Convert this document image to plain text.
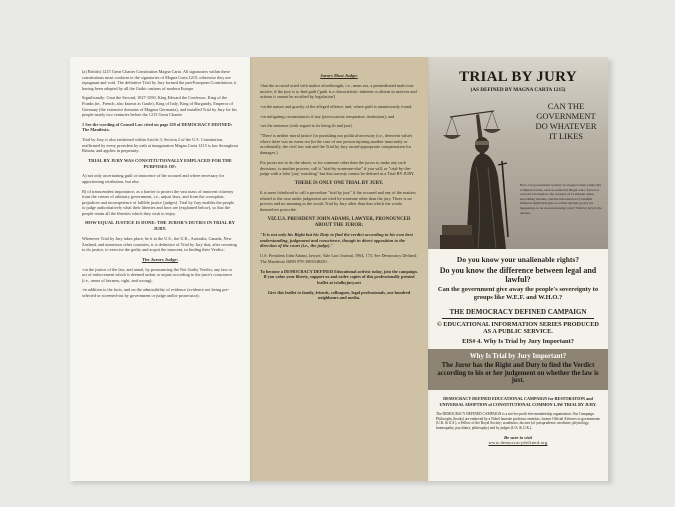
(a) British) 1215 Great Charter Constitution Magna Carta. All signatories within these constitutions must conform to the signatories of Magna Carta 1215, otherwise they are repugnant and void. The definitive Trial by Jury formed the pan-European Constitution, it having been adopted by all the Gothic nations of modern Europe.

Significantly: Cnut the Second, 1027-1050, King Edward the Confessor, King of the Franks (ie., French, also known as Gaule), King of Italy, King of Burgundy, Emperor of Germany (the extensive domains of Magnus Germania), and installed Trial by Jury for his people nearly two centuries before the 1215 Great Charter.

1 See the wording of Conseil Law cited on page 259 of DEMOCRACY DEFINED: The Manifesto.

Trial by Jury is also enshrined within Article 3, Section 2 of the U.S. Constitution, reaffirmed by every president by oath at inauguration Magna Carta 1215 is law throughout Britain, and applies in perpetuity.

TRIAL BY JURY WAS CONSTITUTIONALLY EMPLACED FOR THE PURPOSES OF:

A) not only ascertaining guilt or innocence of the accused and where necessary for apportioning retribution, but also

B) of transcendent importance, as a barrier to protect the vast mass of innocent citizenry from the crimes of arbitrary government, i.e., unjust laws, and from the corruption, prejudices and incompetence of fallible justice (judges). Trial by Jury enables the people to judge authoritatively what their liberties and laws are (explained below), so that the people retain all the liberties which they wish to enjoy.

HOW EQUAL JUSTICE IS DONE: THE JUROR'S DUTIES IN TRIAL BY JURY.

Whenever Trial by Jury takes place, be it in the U.S., the U.K., Australia, Canada, New Zealand, and numerous other countries, it is definitive of Trial by Jury that, after swearing to do justice, to exercise the guilty and acquit the innocent, in finding their Verdict:

The Jurors Judge:

-on the justice of the law, and annul, by pronouncing the Not Guilty Verdict, any law or act of enforcement which is deemed unfair or unjust according to the juror's conscience (i.e., sense of fairness, right, and wrong);

-in addition to the facts, and on the admissibility of evidence (evidence not being pre-selected or screened-out by government or judge and/or prosecutor);

Jurors Must Judge:

-that the accused acted with malice aforethought, i.e., mens rea, a premeditated malicious motive, if the jury is to find guilt ('guilt is a characteristic inherent or absent in motives and actions it cannot be ascribed by legislation')

-on the nature and gravity of the alleged offence; and, where guilt is unanimously found,

-on mitigating circumstances if any (provocation; temptation; institution); and

-set the sentence (with regard to its being fit and just).

"There is neither moral justice for punishing our political necessity (i.e., deterrent value) where there was no mens rea (in the case of one person injuring another innocently or accidentally, the civil law suit and the Trial by Jury award appropriate compensation for damages.)

For jurors not to do the above, or for someone other than the jurors to make any such decisions, is another process: call it "trial-by-someone-else" if you will, or "trial-by-the-judge with a false 'jury' watching" but this travesty cannot be defined as a Trial BY JURY.

THERE IS ONLY ONE TRIAL BY JURY.

It is mere falsehood to call a procedure "trial by jury" if the accused and any of the matters related to the case under judgement are tried by someone other than the jury. There is no process and no meaning to the words Trial by Jury other than that which the words themselves prescribe.

VIZ.U.S. PRESIDENT JOHN ADAMS, LAWYER, PRONOUNCED ABOUT THE JUROR:

"It is not only his Right but his Duty to find the verdict according to his own best understanding, judgement and conscience, though in direct opposition to the direction of the court (i.e., the judge)."

U.S. President John Adams, lawyer, Yale Law Journal, 1964, 173. See Democracy Defined: The Manifesto ISBN 978-1903548250.

To become a DEMOCRACY DEFINED Educational activist today, join the campaign. If you value your liberty, support us and order copies of this professionally printed leaflet at trialbyjury.net

Give this leaflet to family, friends, colleagues, legal professionals, one hundred neighbours and media.

TRIAL BY JURY
(AS DEFINED BY MAGNA CARTA 1215)
CAN THE
GOVERNMENT
DO WHATEVER
IT LIKES
How can government tyranny be stopped when politically criminal actions, such as unlawful illegal wars, forced or coerced vaccination, the creation of 15-minute cities, surveilling citizens, and the introduction of harmful immoral legislation (the so-called 'greater good') are happening on an ever-increasing scale? Trial by jury is the answer.
Do you know your unalienable rights?
Do you know the difference between legal and lawful?
Can the government give away the people's sovereignty to groups like W.E.F. and W.H.O.?
THE DEMOCRACY DEFINED CAMPAIGN
© EDUCATIONAL INFORMATION SERIES PRODUCED AS A PUBLIC SERVICE.
EIS# 4. Why Is Trial by Jury Important?
Why Is Trial by Jury Important?
The Juror has the Right and Duty to find the Verdict according to his or her judgement on whether the law is just.

DEMOCRACY DEFINED EDUCATIONAL CAMPAIGN for RESTORATION and UNIVERSAL ADOPTION of CONSTITUTIONAL COMMON LAW TRIAL BY JURY.

The DEMOCRACY DEFINED CAMPAIGN is a not-for-profit free membership organisation. Our Campaign Philosophy (books) are endorsed by a Nobel laureate professor emeritus, former Official Advisers to governments (U.K. & U.S.), a Fellow of the Royal Society; academics, doctors (of jurisprudence, medicine, physiology, homeopathy, psychiatry, philosophy) and by judges (U.S. & U.K.).

Be sure to visit
www.democracydefined.org
